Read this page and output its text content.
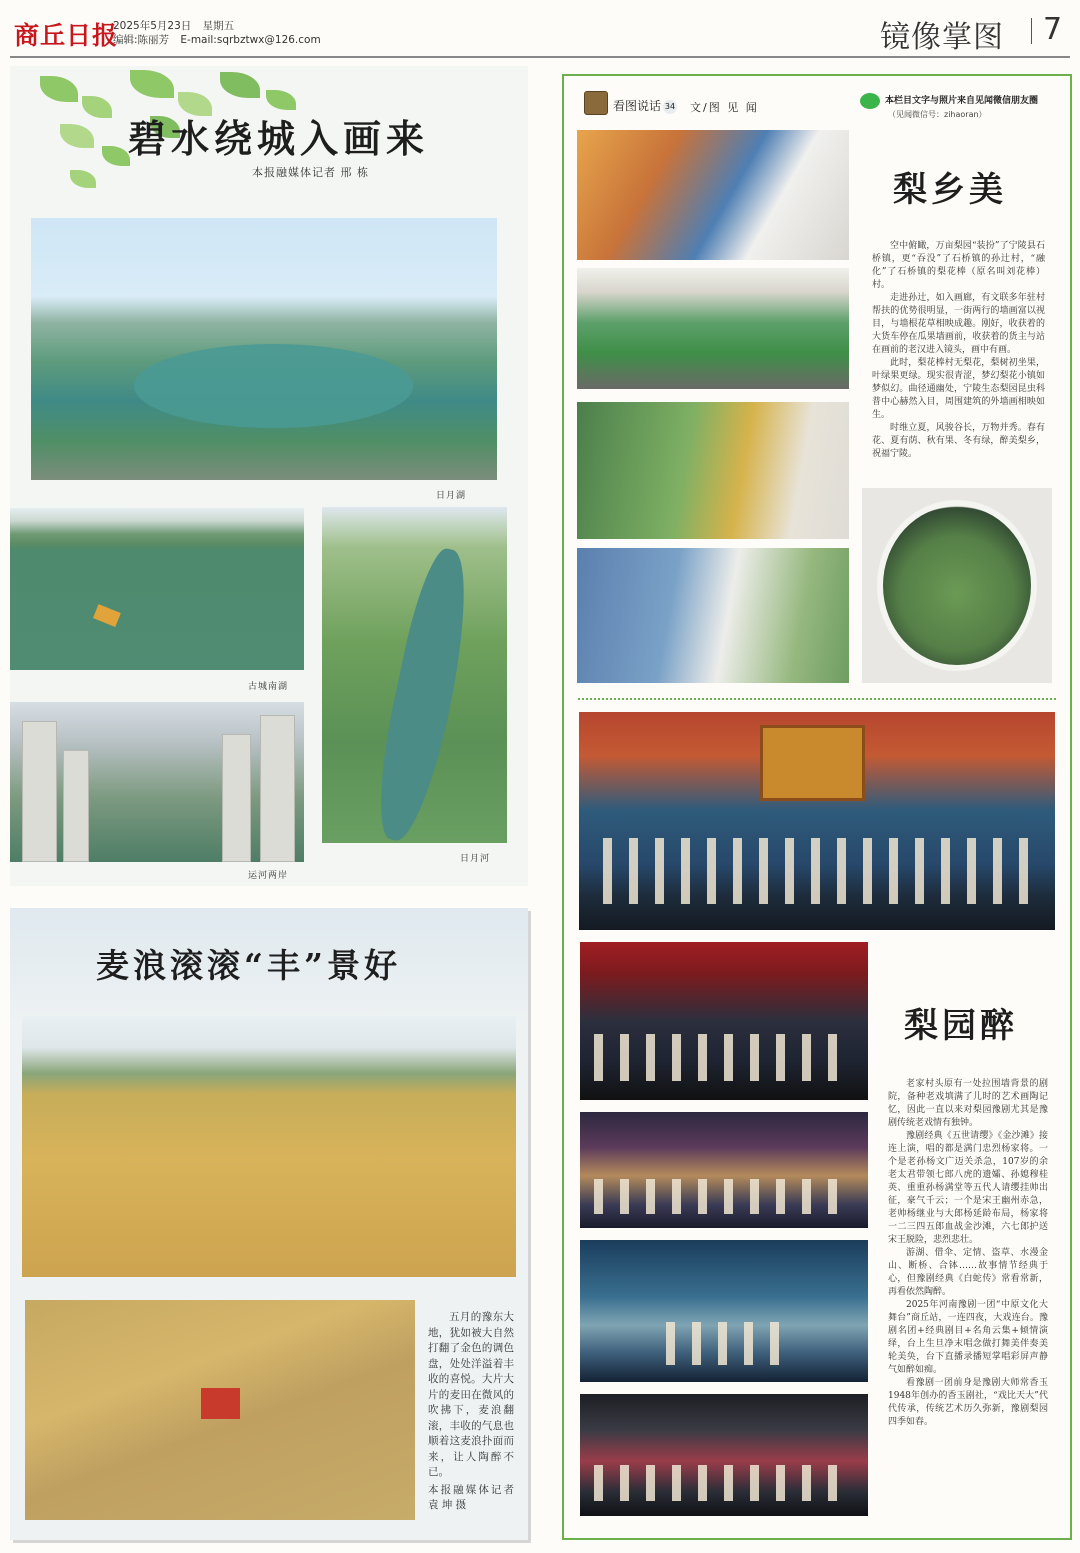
商丘日报
2025年5月23日 星期五
编辑:陈丽芳 E-mail:sqrbztwx@126.com	镜像掌图 7
碧水绕城入画来
本报融媒体记者 邢 栋
日月湖
古城南湖
日月河
运河两岸
麦浪滚滚“丰”景好

五月的豫东大地，犹如被大自然打翻了金色的调色盘，处处洋溢着丰收的喜悦。大片大片的麦田在微风的吹拂下，麦浪翻滚，丰收的气息也顺着这麦浪扑面而来，让人陶醉不已。

本报融媒体记者 袁 坤 摄

看图说话 34 文/图 见 闻	本栏目文字与照片来自见闻微信朋友圈
（见闻微信号：zihaoran）
梨乡美

空中俯瞰，万亩梨园“装扮”了宁陵县石桥镇，更“吞没”了石桥镇的孙辻村，“融化”了石桥镇的梨花棒（原名叫刘花棒）村。

走进孙辻，如入画廊，有文联多年驻村帮扶的优势很明显，一街两行的墙画富以视目，与墙根花草相映成趣。刚好，收获着的大货车停在瓜果墙画前，收获着的货主与站在画前的老汉进入镜头，画中有画。

此时，梨花棒村无梨花，梨树初坐果，叶绿果更绿。现实很青涩，梦幻梨花小镇如梦似幻。曲径通幽处，宁陵生态梨园昆虫科普中心赫然入目，周围建筑的外墙画相映如生。

时维立夏，风骏谷长，万物并秀。春有花、夏有荫、秋有果、冬有绿，醉美梨乡，祝福宁陵。

梨园醉

老家村头原有一处拉围墙背景的剧院，备种老戏填满了儿时的艺术画陶记忆，因此一直以来对梨园豫剧尤其是豫剧传统老戏情有独钟。

豫剧经典《五世请缨》《金沙滩》接连上演，唱的都是满门忠烈杨家将。一个是老孙杨文广迈关杀急，107岁的余老太君带领七郎八虎的遗孀、孙媳穆桂英、重重孙杨满堂等五代人请缨挂帅出征，豪气千云；一个是宋王幽州赤急，老帅杨继业与大郎杨延龄布局，杨家将一二三四五郎血战金沙滩，六七郎护送宋王脱险，悲烈悲壮。

游湖、借伞、定情、盗草、水漫金山、断桥、合钵……故事情节经典于心，但豫剧经典《白蛇传》常看常新，再看依然陶醉。

2025年河南豫剧一团“中原文化大舞台”商丘站，一连四夜，大戏连台。豫剧名团+经典剧目+名角云集+倾情演绎，台上生旦净末唱念做打舞美伴奏美轮美奂，台下直播录播短掌唱彩屏声静气如醉如痴。

看豫剧一团前身是豫剧大师常香玉1948年创办的香玉剧社，“戏比天大”代代传承，传统艺术历久弥新，豫剧梨园四季如春。
